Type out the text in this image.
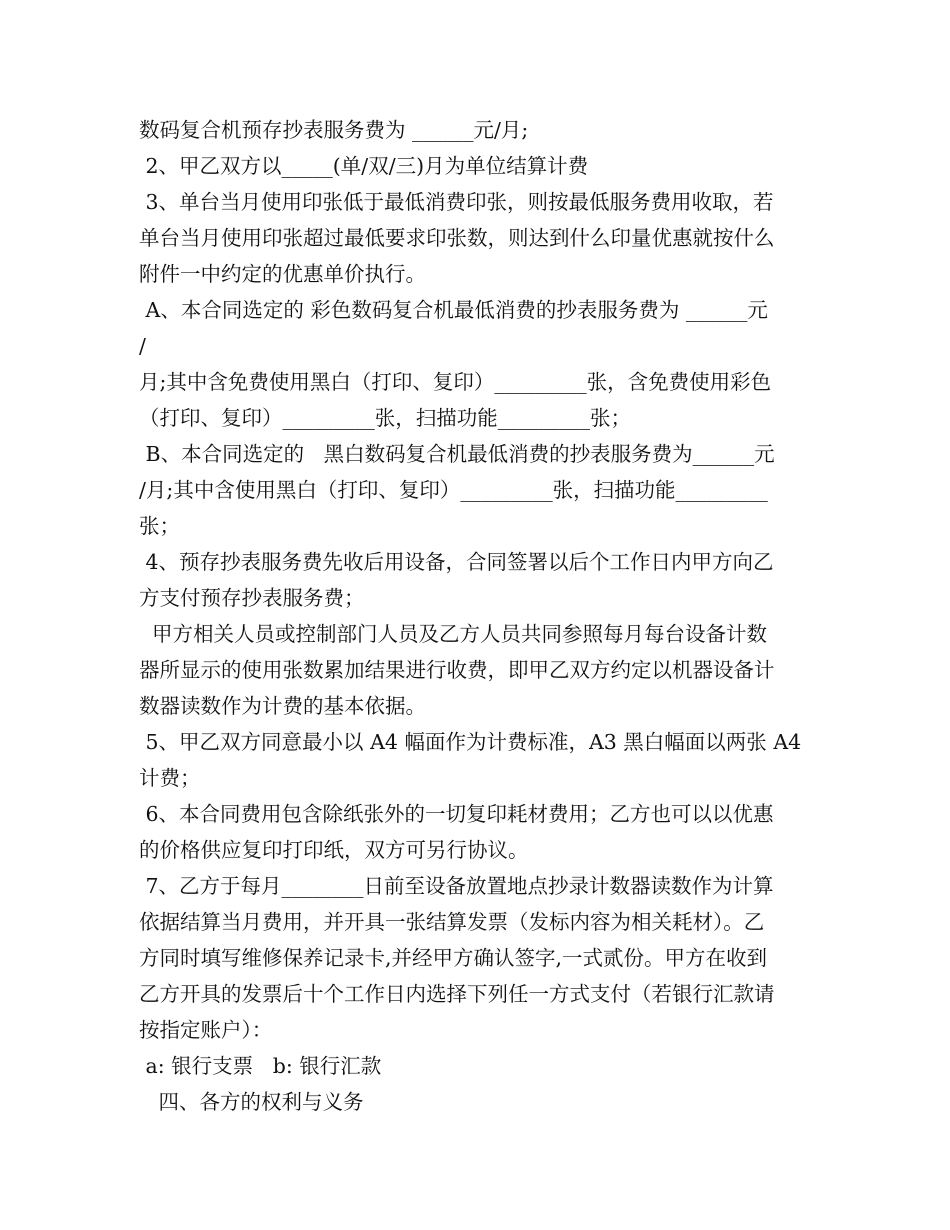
数码复合机预存抄表服务费为 ______元/月;
2、甲乙双方以_____(单/双/三)月为单位结算计费
3、单台当月使用印张低于最低消费印张，则按最低服务费用收取，若
单台当月使用印张超过最低要求印张数，则达到什么印量优惠就按什么
附件一中约定的优惠单价执行。
A、本合同选定的 彩色数码复合机最低消费的抄表服务费为 ______元
/
月;其中含免费使用黑白（打印、复印）_________张，含免费使用彩色
（打印、复印）_________张，扫描功能_________张；
B、本合同选定的   黑白数码复合机最低消费的抄表服务费为______元
/月;其中含使用黑白（打印、复印）_________张，扫描功能_________
张；
4、预存抄表服务费先收后用设备，合同签署以后个工作日内甲方向乙
方支付预存抄表服务费；
甲方相关人员或控制部门人员及乙方人员共同参照每月每台设备计数
器所显示的使用张数累加结果进行收费，即甲乙双方约定以机器设备计
数器读数作为计费的基本依据。
5、甲乙双方同意最小以 A4 幅面作为计费标准，A3 黑白幅面以两张 A4
计费；
6、本合同费用包含除纸张外的一切复印耗材费用；乙方也可以以优惠
的价格供应复印打印纸，双方可另行协议。
7、乙方于每月________日前至设备放置地点抄录计数器读数作为计算
依据结算当月费用，并开具一张结算发票（发标内容为相关耗材）。乙
方同时填写维修保养记录卡,并经甲方确认签字,一式贰份。甲方在收到
乙方开具的发票后十个工作日内选择下列任一方式支付（若银行汇款请
按指定账户）：
a: 银行支票   b: 银行汇款
四、各方的权利与义务
